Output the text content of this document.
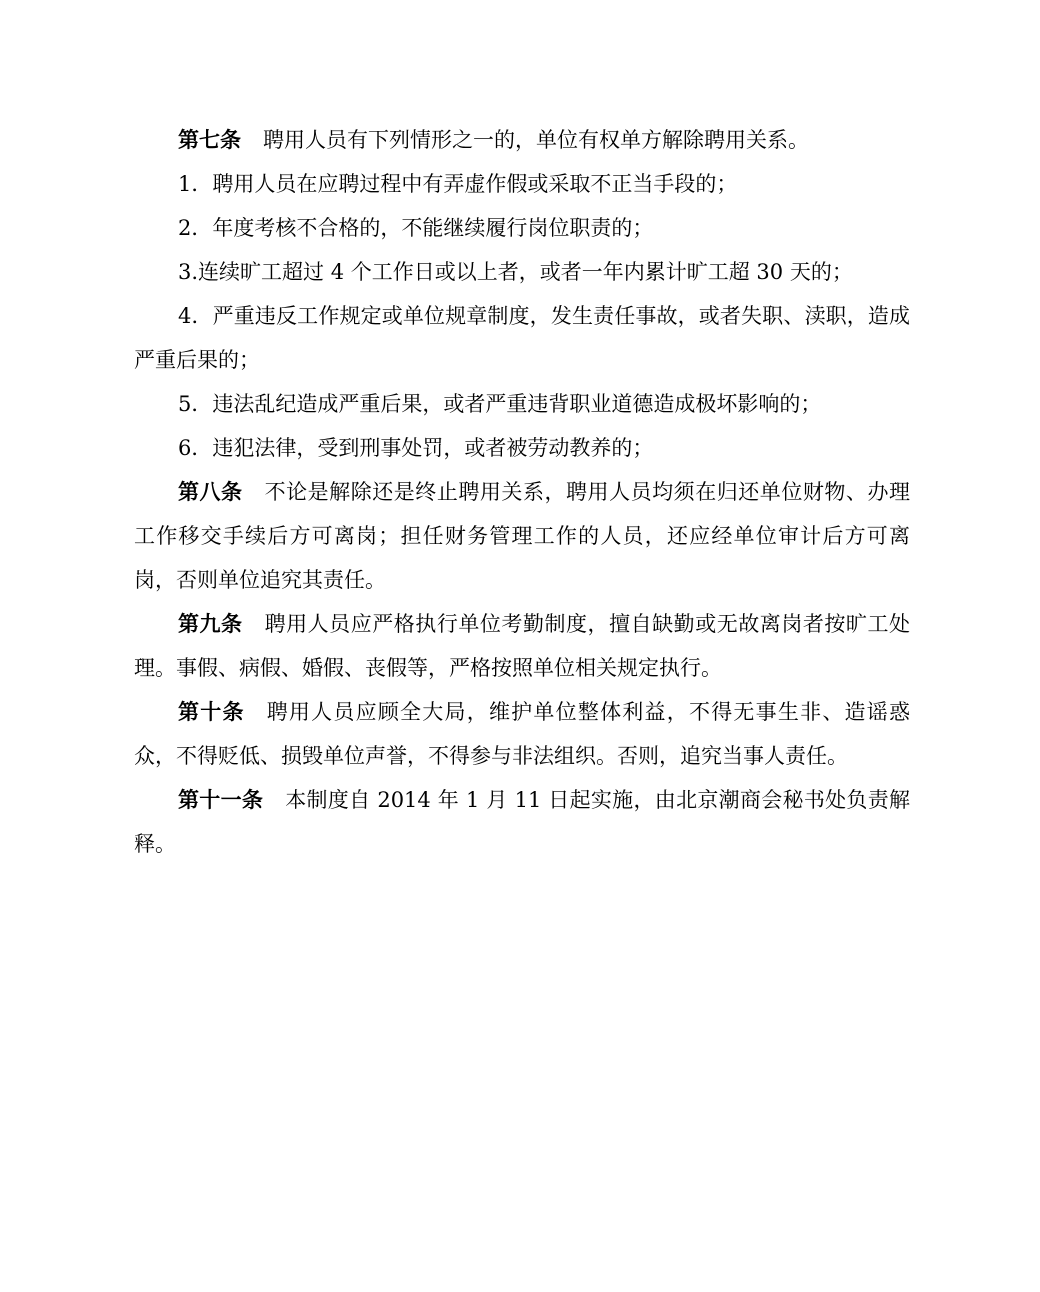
第七条 聘用人员有下列情形之一的，单位有权单方解除聘用关系。

1．聘用人员在应聘过程中有弄虚作假或采取不正当手段的；

2．年度考核不合格的，不能继续履行岗位职责的；

3.连续旷工超过 4 个工作日或以上者，或者一年内累计旷工超 30 天的；

4．严重违反工作规定或单位规章制度，发生责任事故，或者失职、渎职，造成严重后果的；

5．违法乱纪造成严重后果，或者严重违背职业道德造成极坏影响的；

6．违犯法律，受到刑事处罚，或者被劳动教养的；

第八条 不论是解除还是终止聘用关系，聘用人员均须在归还单位财物、办理工作移交手续后方可离岗；担任财务管理工作的人员，还应经单位审计后方可离岗，否则单位追究其责任。

第九条 聘用人员应严格执行单位考勤制度，擅自缺勤或无故离岗者按旷工处理。事假、病假、婚假、丧假等，严格按照单位相关规定执行。

第十条 聘用人员应顾全大局，维护单位整体利益，不得无事生非、造谣惑众，不得贬低、损毁单位声誉，不得参与非法组织。否则，追究当事人责任。

第十一条 本制度自 2014 年 1 月 11 日起实施，由北京潮商会秘书处负责解释。
